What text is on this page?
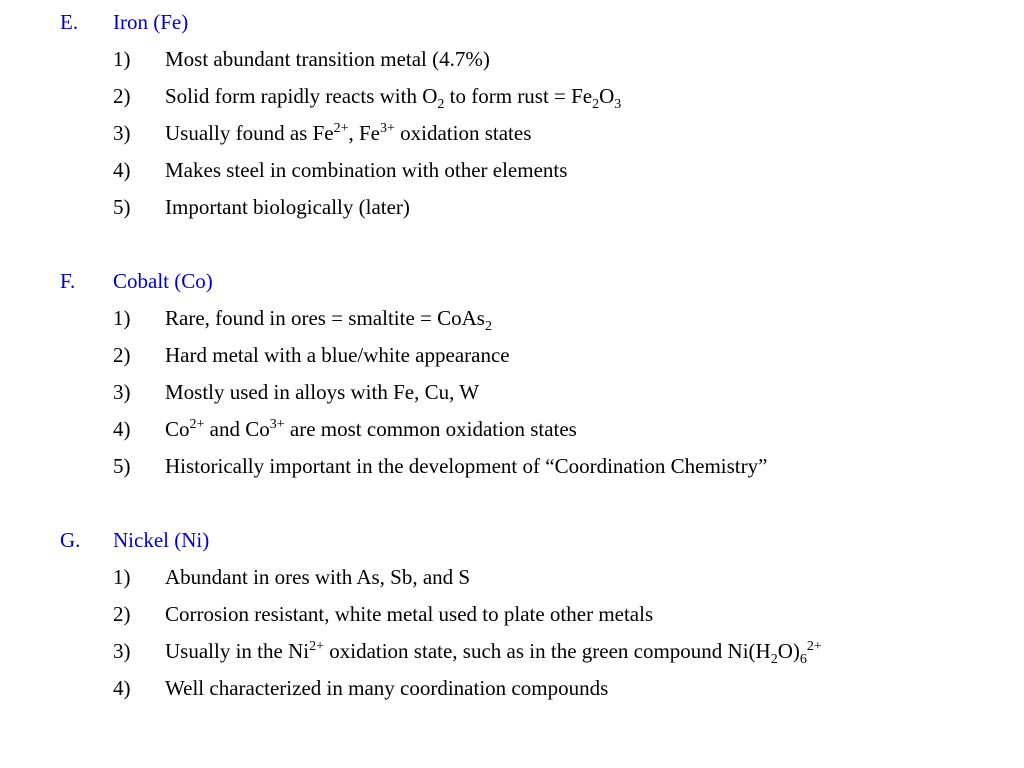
E. Iron (Fe)
1) Most abundant transition metal (4.7%)
2) Solid form rapidly reacts with $O_2$ to form rust = $Fe_2O_3$
3) Usually found as $Fe^{2+}$, $Fe^{3+}$ oxidation states
4) Makes steel in combination with other elements
5) Important biologically (later)
F. Cobalt (Co)
1) Rare, found in ores = smaltite = CoAs$_2$
2) Hard metal with a blue/white appearance
3) Mostly used in alloys with Fe, Cu, W
4) $Co^{2+}$ and $Co^{3+}$ are most common oxidation states
5) Historically important in the development of “Coordination Chemistry”
G. Nickel (Ni)
1) Abundant in ores with As, Sb, and S
2) Corrosion resistant, white metal used to plate other metals
3) Usually in the $Ni^{2+}$ oxidation state, such as in the green compound $Ni(H_2O)_6^{2+}$
4) Well characterized in many coordination compounds
